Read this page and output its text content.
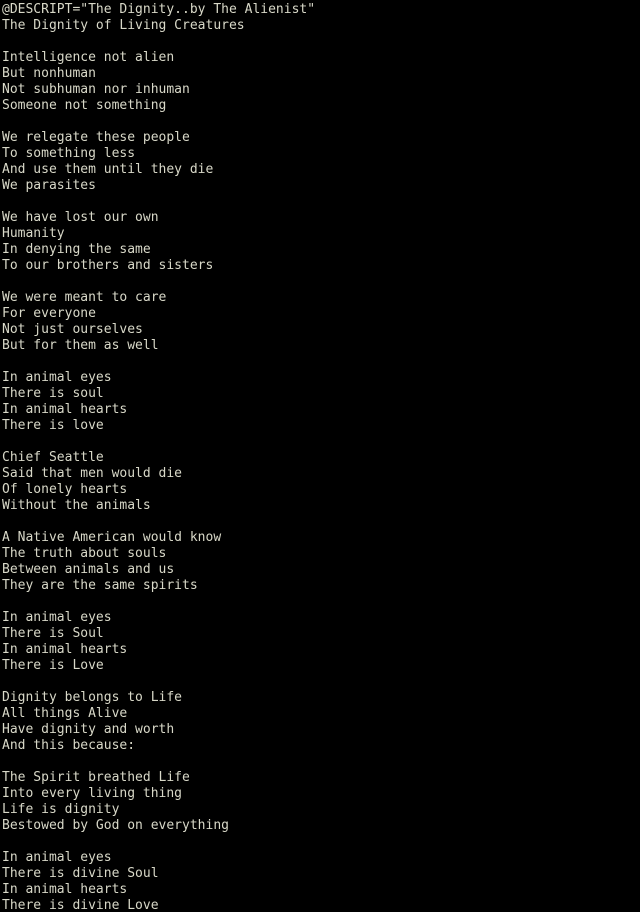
@DESCRIPT="The Dignity..by The Alienist"
The Dignity of Living Creatures
Intelligence not alien
But nonhuman
Not subhuman nor inhuman
Someone not something
We relegate these people
To something less
And use them until they die
We parasites
We have lost our own
Humanity
In denying the same
To our brothers and sisters
We were meant to care
For everyone
Not just ourselves
But for them as well
In animal eyes
There is soul
In animal hearts
There is love
Chief Seattle
Said that men would die
Of lonely hearts
Without the animals
A Native American would know
The truth about souls
Between animals and us
They are the same spirits
In animal eyes
There is Soul
In animal hearts
There is Love
Dignity belongs to Life
All things Alive
Have dignity and worth
And this because:
The Spirit breathed Life
Into every living thing
Life is dignity
Bestowed by God on everything
In animal eyes
There is divine Soul
In animal hearts
There is divine Love
